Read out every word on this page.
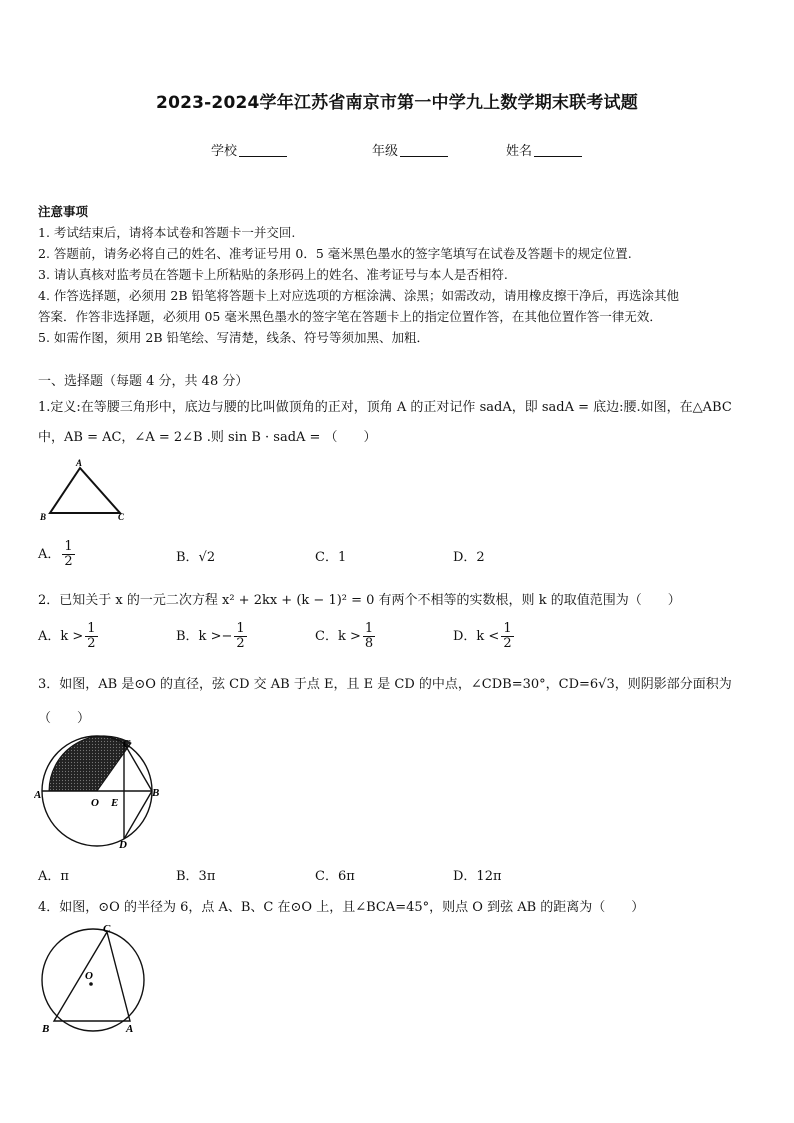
2023-2024学年江苏省南京市第一中学九上数学期末联考试题
学校	年级	姓名
注意事项
1. 考试结束后，请将本试卷和答题卡一并交回.
2. 答题前，请务必将自己的姓名、准考证号用 0．5 毫米黑色墨水的签字笔填写在试卷及答题卡的规定位置.
3. 请认真核对监考员在答题卡上所粘贴的条形码上的姓名、准考证号与本人是否相符.
4. 作答选择题，必须用 2B 铅笔将答题卡上对应选项的方框涂满、涂黑；如需改动，请用橡皮擦干净后，再选涂其他
答案．作答非选择题，必须用 05 毫米黑色墨水的签字笔在答题卡上的指定位置作答，在其他位置作答一律无效．
5. 如需作图，须用 2B 铅笔绘、写清楚，线条、符号等须加黑、加粗．
一、选择题（每题 4 分，共 48 分）
1.定义:在等腰三角形中，底边与腰的比叫做顶角的正对，顶角 A 的正对记作 sadA，即 sadA = 底边:腰.如图，在△ABC
中，AB = AC，∠A = 2∠B .则 sin B · sadA = （　　）
A
B	C
A． $\frac{1}{2}$	B．√2	C．1	D．2
2．已知关于 x 的一元二次方程 x² + 2kx + (k − 1)² = 0 有两个不相等的实数根，则 k 的取值范围为（　　）
A．$k > \frac{1}{2}$	B．$k >- \frac{1}{2}$	C．$k > \frac{1}{8}$	D．$k < \frac{1}{2}$
3．如图，AB 是⊙O 的直径，弦 CD 交 AB 于点 E，且 E 是 CD 的中点，∠CDB=30°，CD=6√3，则阴影部分面积为
（　　）
A	B
C
D
O E
A．π	B．3π	C．6π	D．12π
4．如图，⊙O 的半径为 6，点 A、B、C 在⊙O 上，且∠BCA=45°，则点 O 到弦 AB 的距离为（　　）
C
O
B	A
